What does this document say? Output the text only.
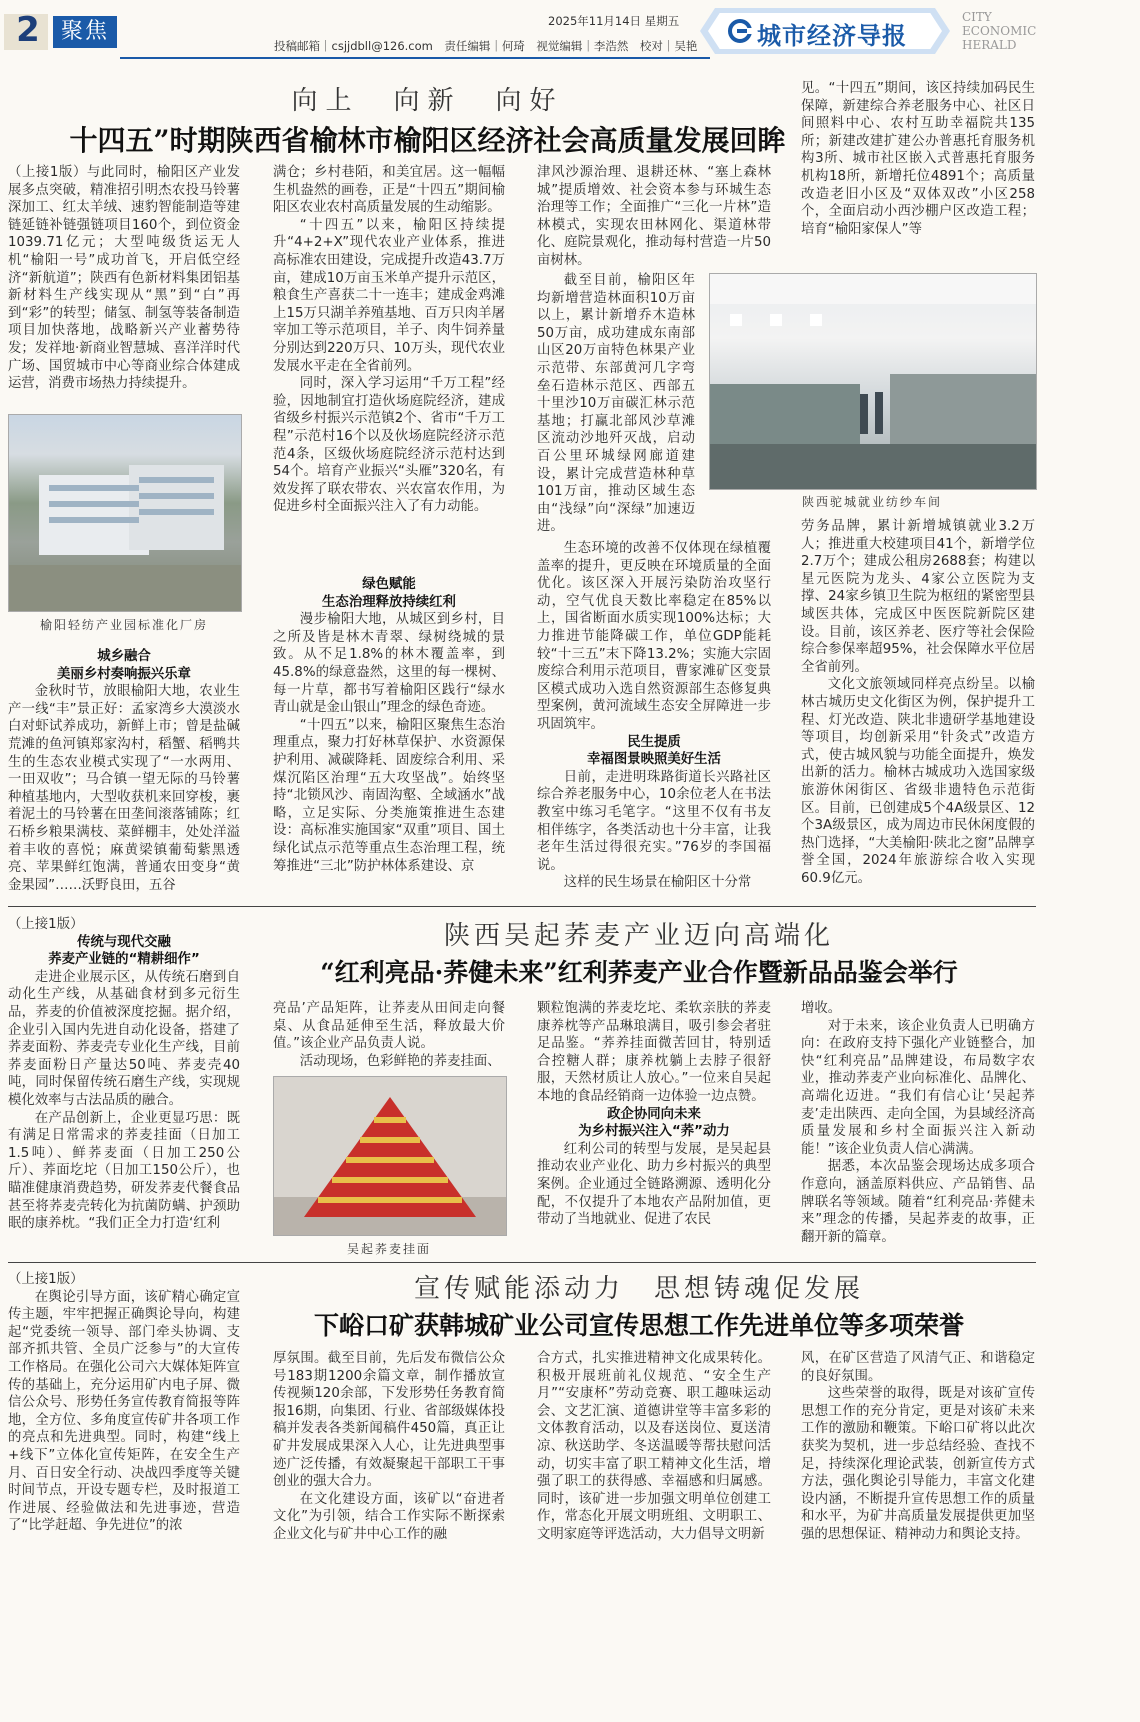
2 聚焦	2025年11月14日 星期五
投稿邮箱｜csjjdbll@126.com　责任编辑｜何琦　视觉编辑｜李浩然　校对｜吴艳 城市经济导报
CITY
ECONOMIC
HERALD
向上　向新　向好
十四五”时期陕西省榆林市榆阳区经济社会高质量发展回眸

（上接1版）与此同时，榆阳区产业发展多点突破，精准招引明杰农投马铃薯深加工、红太羊绒、速豹智能制造等建链延链补链强链项目160个，到位资金1039.71亿元；大型吨级货运无人机“榆阳一号”成功首飞，开启低空经济“新航道”；陕西有色新材料集团铝基新材料生产线实现从“黑”到“白”再到“彩”的转型；储氢、制氢等装备制造项目加快落地，战略新兴产业蓄势待发；发祥地·新商业智慧城、喜洋洋时代广场、国贸城市中心等商业综合体建成运营，消费市场热力持续提升。

榆阳轻纺产业园标准化厂房
城乡融合
美丽乡村奏响振兴乐章

金秋时节，放眼榆阳大地，农业生产一线“丰”景正好：孟家湾乡大漠淡水白对虾试养成功，新鲜上市；曾是盐碱荒滩的鱼河镇郑家沟村，稻蟹、稻鸭共生的生态农业模式实现了“一水两用、一田双收”；马合镇一望无际的马铃薯种植基地内，大型收获机来回穿梭，裹着泥土的马铃薯在田垄间滚落铺陈；红石桥乡粮果满枝、菜鲜棚丰，处处洋溢着丰收的喜悦；麻黄梁镇葡萄紫黑透亮、苹果鲜红饱满，普通农田变身“黄金果园”……沃野良田，五谷

满仓；乡村巷陌，和美宜居。这一幅幅生机盎然的画卷，正是“十四五”期间榆阳区农业农村高质量发展的生动缩影。

“十四五”以来，榆阳区持续提升“4+2+X”现代农业产业体系，推进高标准农田建设，完成提升改造43.7万亩，建成10万亩玉米单产提升示范区，粮食生产喜获二十一连丰；建成金鸡滩上15万只湖羊养殖基地、百万只肉羊屠宰加工等示范项目，羊子、肉牛饲养量分别达到220万只、10万头，现代农业发展水平走在全省前列。

同时，深入学习运用“千万工程”经验，因地制宜打造伙场庭院经济，建成省级乡村振兴示范镇2个、省市“千万工程”示范村16个以及伙场庭院经济示范范4条，区级伙场庭院经济示范村达到54个。培育产业振兴“头雁”320名，有效发挥了联农带农、兴农富农作用，为促进乡村全面振兴注入了有力动能。

绿色赋能
生态治理释放持续红利

漫步榆阳大地，从城区到乡村，目之所及皆是林木青翠、绿树绕城的景致。从不足1.8%的林木覆盖率，到45.8%的绿意盎然，这里的每一棵树、每一片草，都书写着榆阳区践行“绿水青山就是金山银山”理念的绿色奇迹。

“十四五”以来，榆阳区聚焦生态治理重点，聚力打好林草保护、水资源保护利用、减碳降耗、固废综合利用、采煤沉陷区治理“五大攻坚战”。始终坚持“北锁风沙、南固沟壑、全域涵水”战略，立足实际、分类施策推进生态建设：高标准实施国家“双重”项目、国土绿化试点示范等重点生态治理工程，统筹推进“三北”防护林体系建设、京

津风沙源治理、退耕还林、“塞上森林城”提质增效、社会资本参与环城生态治理等工作；全面推广“三化一片林”造林模式，实现农田林网化、渠道林带化、庭院景观化，推动每村营造一片50亩树林。

截至目前，榆阳区年均新增营造林面积10万亩以上，累计新增乔木造林50万亩，成功建成东南部山区20万亩特色林果产业示范带、东部黄河几字弯垒石造林示范区、西部五十里沙10万亩碳汇林示范基地；打赢北部风沙草滩区流动沙地歼灭战，启动百公里环城绿网廊道建设，累计完成营造林种草101万亩，推动区域生态由“浅绿”向“深绿”加速迈进。

生态环境的改善不仅体现在绿植覆盖率的提升，更反映在环境质量的全面优化。该区深入开展污染防治攻坚行动，空气优良天数比率稳定在85%以上，国省断面水质实现100%达标；大力推进节能降碳工作，单位GDP能耗较“十三五”末下降13.2%；实施大宗固废综合利用示范项目，曹家滩矿区变景区模式成功入选自然资源部生态修复典型案例，黄河流域生态安全屏障进一步巩固筑牢。

民生提质
幸福图景映照美好生活

日前，走进明珠路街道长兴路社区综合养老服务中心，10余位老人在书法教室中练习毛笔字。“这里不仅有书友相伴练字，各类活动也十分丰富，让我老年生活过得很充实。”76岁的李国福说。

这样的民生场景在榆阳区十分常

陕西驼城就业纺纱车间

见。“十四五”期间，该区持续加码民生保障，新建综合养老服务中心、社区日间照料中心、农村互助幸福院共135所；新建改建扩建公办普惠托育服务机构3所、城市社区嵌入式普惠托育服务机构18所，新增托位4891个；高质量改造老旧小区及“双体双改”小区258个，全面启动小西沙棚户区改造工程；培育“榆阳家保人”等

劳务品牌，累计新增城镇就业3.2万人；推进重大校建项目41个，新增学位2.7万个；建成公租房2688套；构建以星元医院为龙头、4家公立医院为支撑、24家乡镇卫生院为枢纽的紧密型县域医共体，完成区中医医院新院区建设。目前，该区养老、医疗等社会保险综合参保率超95%，社会保障水平位居全省前列。

文化文旅领域同样亮点纷呈。以榆林古城历史文化街区为例，保护提升工程、灯光改造、陕北非遗研学基地建设等项目，均创新采用“针灸式”改造方式，使古城风貌与功能全面提升，焕发出新的活力。榆林古城成功入选国家级旅游休闲街区、省级非遗特色示范街区。目前，已创建成5个4A级景区、12个3A级景区，成为周边市民休闲度假的热门选择，“大美榆阳·陕北之窗”品牌享誉全国，2024年旅游综合收入实现60.9亿元。

陕西吴起荞麦产业迈向高端化
“红利亮品·荞健未来”红利荞麦产业合作暨新品品鉴会举行

（上接1版）

传统与现代交融
荞麦产业链的“精耕细作”

走进企业展示区，从传统石磨到自动化生产线，从基础食材到多元衍生品，荞麦的价值被深度挖掘。据介绍，企业引入国内先进自动化设备，搭建了荞麦面粉、荞麦壳专业化生产线，目前荞麦面粉日产量达50吨、荞麦壳40吨，同时保留传统石磨生产线，实现规模化效率与古法品质的融合。

在产品创新上，企业更显巧思：既有满足日常需求的荞麦挂面（日加工1.5吨）、鲜荞麦面（日加工250公斤）、荞面圪坨（日加工150公斤），也瞄准健康消费趋势，研发荞麦代餐食品甚至将荞麦壳转化为抗菌防螨、护颈助眠的康养枕。“我们正全力打造‘红利

亮品’产品矩阵，让荞麦从田间走向餐桌、从食品延伸至生活，释放最大价值。”该企业产品负责人说。

活动现场，色彩鲜艳的荞麦挂面、

吴起荞麦挂面

颗粒饱满的荞麦圪坨、柔软亲肤的荞麦康养枕等产品琳琅满目，吸引参会者驻足品鉴。“荞养挂面微苦回甘，特别适合控糖人群；康养枕躺上去脖子很舒服，天然材质让人放心。”一位来自吴起本地的食品经销商一边体验一边点赞。

政企协同向未来
为乡村振兴注入“荞”动力

红利公司的转型与发展，是吴起县推动农业产业化、助力乡村振兴的典型案例。企业通过全链路溯源、透明化分配，不仅提升了本地农产品附加值，更带动了当地就业、促进了农民

增收。

对于未来，该企业负责人已明确方向：在政府支持下强化产业链整合，加快“红利亮品”品牌建设，布局数字农业，推动荞麦产业向标准化、品牌化、高端化迈进。“我们有信心让‘吴起荞麦’走出陕西、走向全国，为县域经济高质量发展和乡村全面振兴注入新动能！”该企业负责人信心满满。

据悉，本次品鉴会现场达成多项合作意向，涵盖原料供应、产品销售、品牌联名等领域。随着“红利亮品·荞健未来”理念的传播，吴起荞麦的故事，正翻开新的篇章。

宣传赋能添动力　思想铸魂促发展
下峪口矿获韩城矿业公司宣传思想工作先进单位等多项荣誉

（上接1版）

在舆论引导方面，该矿精心确定宣传主题，牢牢把握正确舆论导向，构建起“党委统一领导、部门牵头协调、支部齐抓共管、全员广泛参与”的大宣传工作格局。在强化公司六大媒体矩阵宣传的基础上，充分运用矿内电子屏、微信公众号、形势任务宣传教育简报等阵地，全方位、多角度宣传矿井各项工作的亮点和先进典型。同时，构建“线上+线下”立体化宣传矩阵，在安全生产月、百日安全行动、决战四季度等关键时间节点，开设专题专栏，及时报道工作进展、经验做法和先进事迹，营造了“比学赶超、争先进位”的浓

厚氛围。截至目前，先后发布微信公众号183期1200余篇文章，制作播放宣传视频120余部，下发形势任务教育简报16期，向集团、行业、省部级媒体投稿并发表各类新闻稿件450篇，真正让矿井发展成果深入人心，让先进典型事迹广泛传播，有效凝聚起干部职工干事创业的强大合力。

在文化建设方面，该矿以“奋进者文化”为引领，结合工作实际不断探索企业文化与矿井中心工作的融

合方式，扎实推进精神文化成果转化。积极开展班前礼仪规范、“安全生产月”“安康杯”劳动竞赛、职工趣味运动会、文艺汇演、道德讲堂等丰富多彩的文体教育活动，以及春送岗位、夏送清凉、秋送助学、冬送温暖等帮扶慰问活动，切实丰富了职工精神文化生活，增强了职工的获得感、幸福感和归属感。同时，该矿进一步加强文明单位创建工作，常态化开展文明班组、文明职工、文明家庭等评选活动，大力倡导文明新

风，在矿区营造了风清气正、和谐稳定的良好氛围。

这些荣誉的取得，既是对该矿宣传思想工作的充分肯定，更是对该矿未来工作的激励和鞭策。下峪口矿将以此次获奖为契机，进一步总结经验、查找不足，持续深化理论武装，创新宣传方式方法，强化舆论引导能力，丰富文化建设内涵，不断提升宣传思想工作的质量和水平，为矿井高质量发展提供更加坚强的思想保证、精神动力和舆论支持。
